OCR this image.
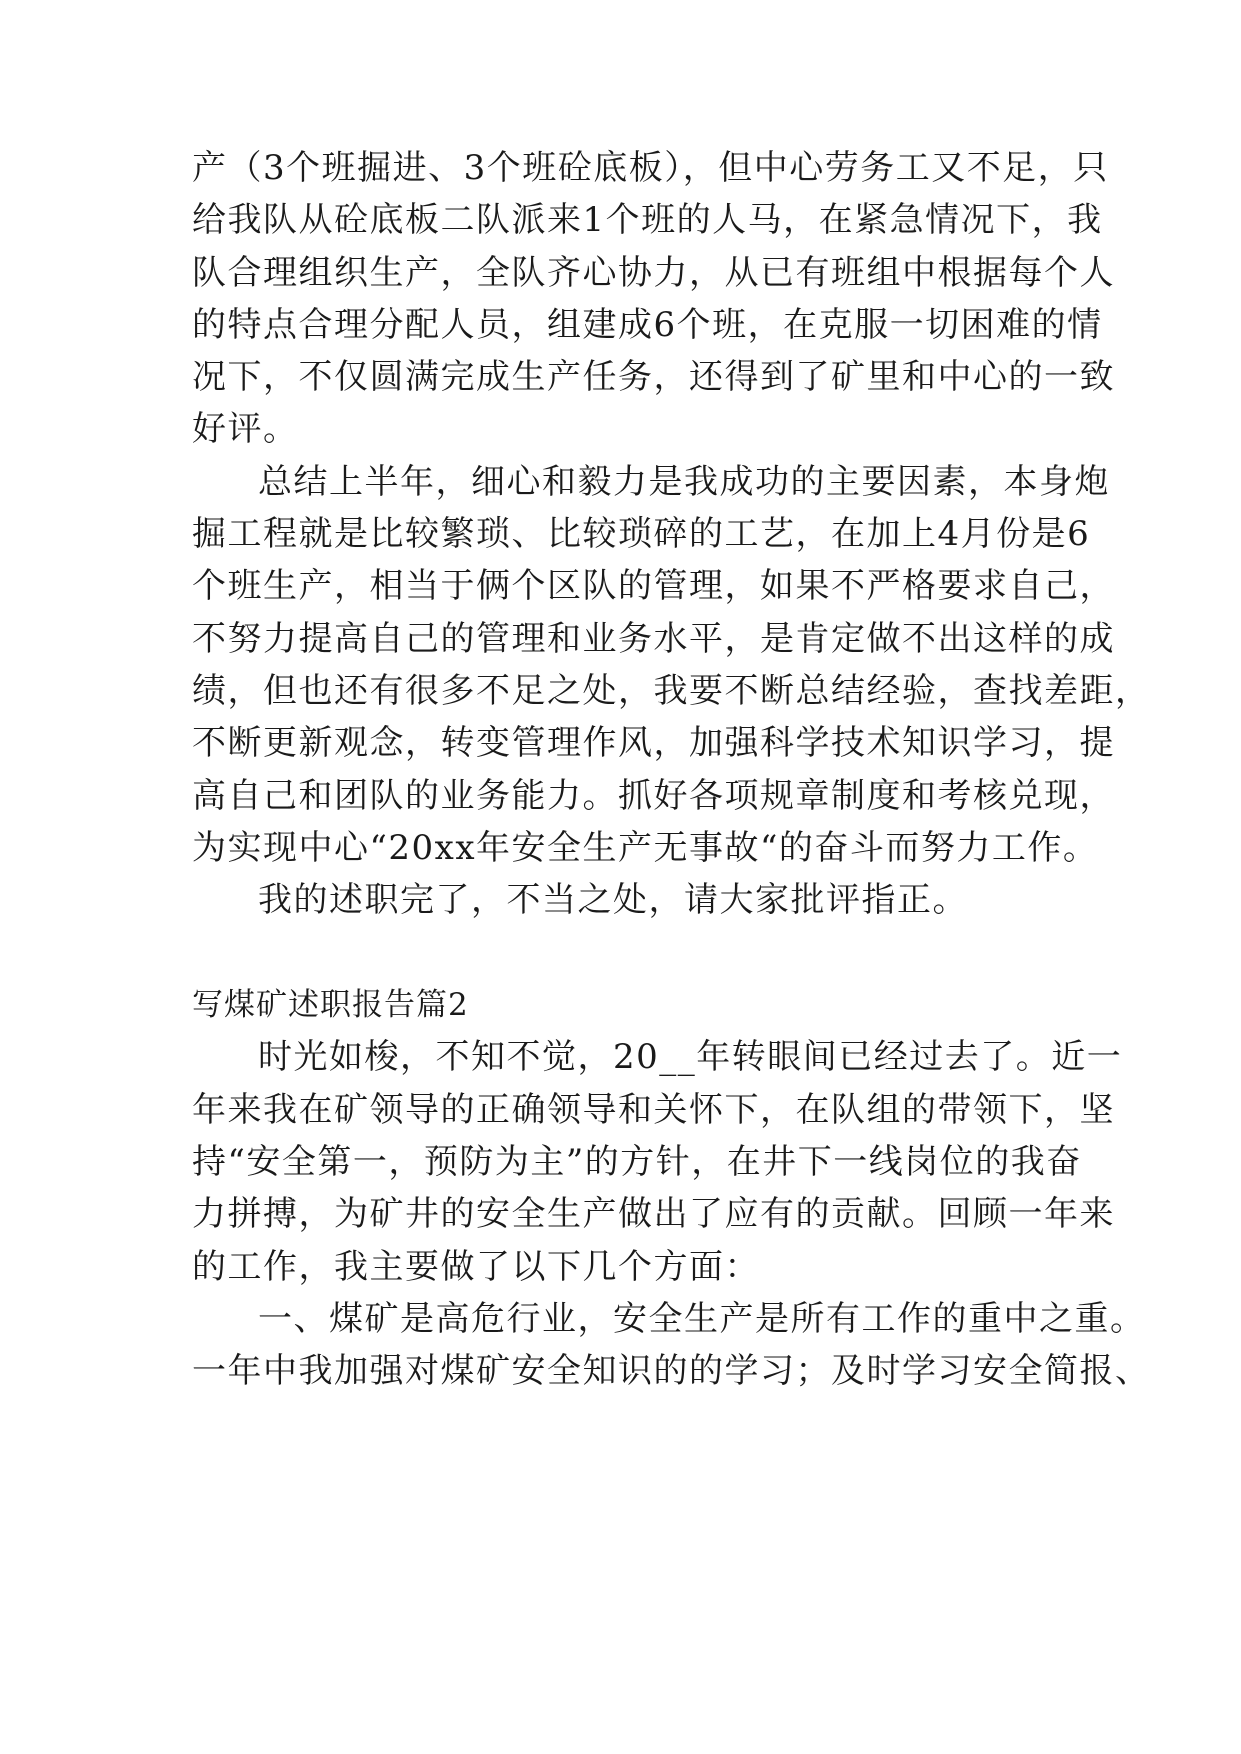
产（3个班掘进、3个班砼底板），但中心劳务工又不足，只
给我队从砼底板二队派来1个班的人马，在紧急情况下，我
队合理组织生产，全队齐心协力，从已有班组中根据每个人
的特点合理分配人员，组建成6个班，在克服一切困难的情
况下，不仅圆满完成生产任务，还得到了矿里和中心的一致
好评。
总结上半年，细心和毅力是我成功的主要因素，本身炮
掘工程就是比较繁琐、比较琐碎的工艺，在加上4月份是6
个班生产，相当于俩个区队的管理，如果不严格要求自己，
不努力提高自己的管理和业务水平，是肯定做不出这样的成
绩，但也还有很多不足之处，我要不断总结经验，查找差距，
不断更新观念，转变管理作风，加强科学技术知识学习，提
高自己和团队的业务能力。抓好各项规章制度和考核兑现，
为实现中心“20xx年安全生产无事故“的奋斗而努力工作。
我的述职完了，不当之处，请大家批评指正。
写煤矿述职报告篇2
时光如梭，不知不觉，20__年转眼间已经过去了。近一
年来我在矿领导的正确领导和关怀下，在队组的带领下，坚
持“安全第一，预防为主”的方针，在井下一线岗位的我奋
力拼搏，为矿井的安全生产做出了应有的贡献。回顾一年来
的工作，我主要做了以下几个方面：
一、煤矿是高危行业，安全生产是所有工作的重中之重。
一年中我加强对煤矿安全知识的的学习；及时学习安全简报、
